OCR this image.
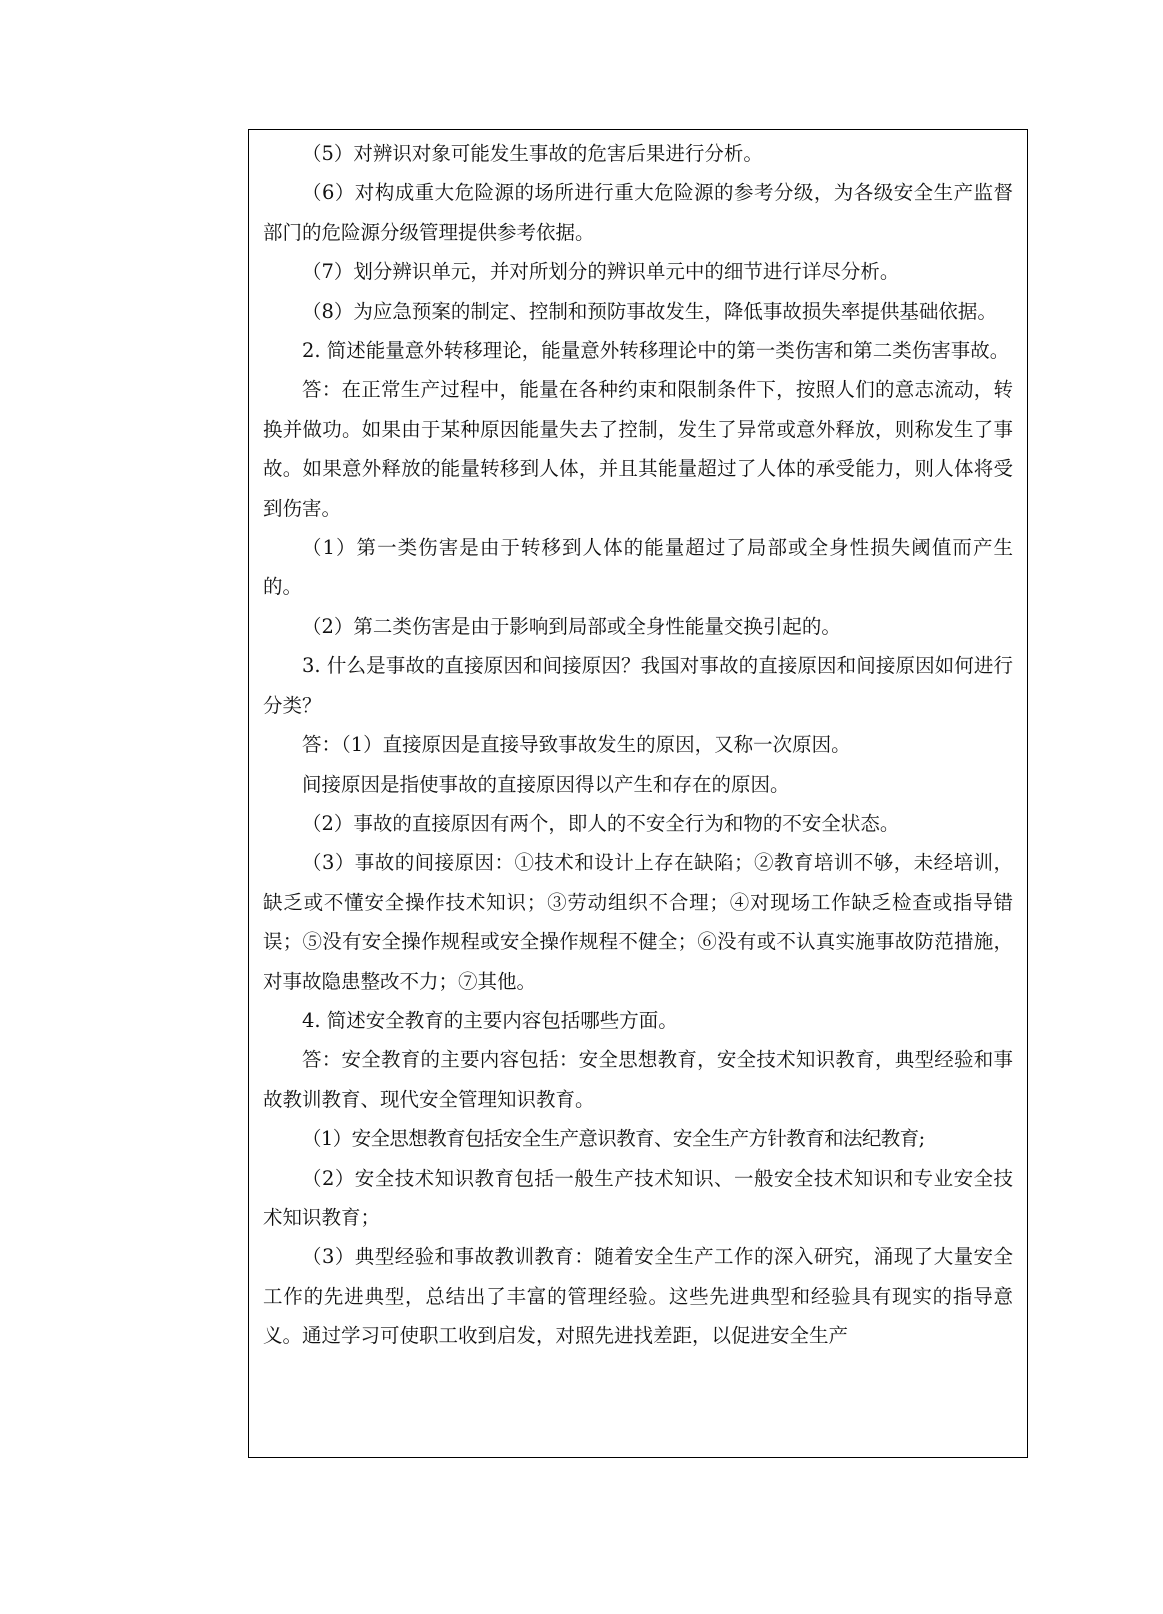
（5）对辨识对象可能发生事故的危害后果进行分析。

（6）对构成重大危险源的场所进行重大危险源的参考分级，为各级安全生产监督部门的危险源分级管理提供参考依据。

（7）划分辨识单元，并对所划分的辨识单元中的细节进行详尽分析。

（8）为应急预案的制定、控制和预防事故发生，降低事故损失率提供基础依据。

2. 简述能量意外转移理论，能量意外转移理论中的第一类伤害和第二类伤害事故。

答：在正常生产过程中，能量在各种约束和限制条件下，按照人们的意志流动，转换并做功。如果由于某种原因能量失去了控制，发生了异常或意外释放，则称发生了事故。如果意外释放的能量转移到人体，并且其能量超过了人体的承受能力，则人体将受到伤害。

（1）第一类伤害是由于转移到人体的能量超过了局部或全身性损失阈值而产生的。

（2）第二类伤害是由于影响到局部或全身性能量交换引起的。

3. 什么是事故的直接原因和间接原因？我国对事故的直接原因和间接原因如何进行分类？

答：（1）直接原因是直接导致事故发生的原因，又称一次原因。

间接原因是指使事故的直接原因得以产生和存在的原因。

（2）事故的直接原因有两个，即人的不安全行为和物的不安全状态。

（3）事故的间接原因：①技术和设计上存在缺陷；②教育培训不够，未经培训，缺乏或不懂安全操作技术知识；③劳动组织不合理；④对现场工作缺乏检查或指导错误；⑤没有安全操作规程或安全操作规程不健全；⑥没有或不认真实施事故防范措施，对事故隐患整改不力；⑦其他。

4. 简述安全教育的主要内容包括哪些方面。

答：安全教育的主要内容包括：安全思想教育，安全技术知识教育，典型经验和事故教训教育、现代安全管理知识教育。

（1）安全思想教育包括安全生产意识教育、安全生产方针教育和法纪教育;

（2）安全技术知识教育包括一般生产技术知识、一般安全技术知识和专业安全技术知识教育；

（3）典型经验和事故教训教育：随着安全生产工作的深入研究，涌现了大量安全工作的先进典型，总结出了丰富的管理经验。这些先进典型和经验具有现实的指导意义。通过学习可使职工收到启发，对照先进找差距，以促进安全生产
